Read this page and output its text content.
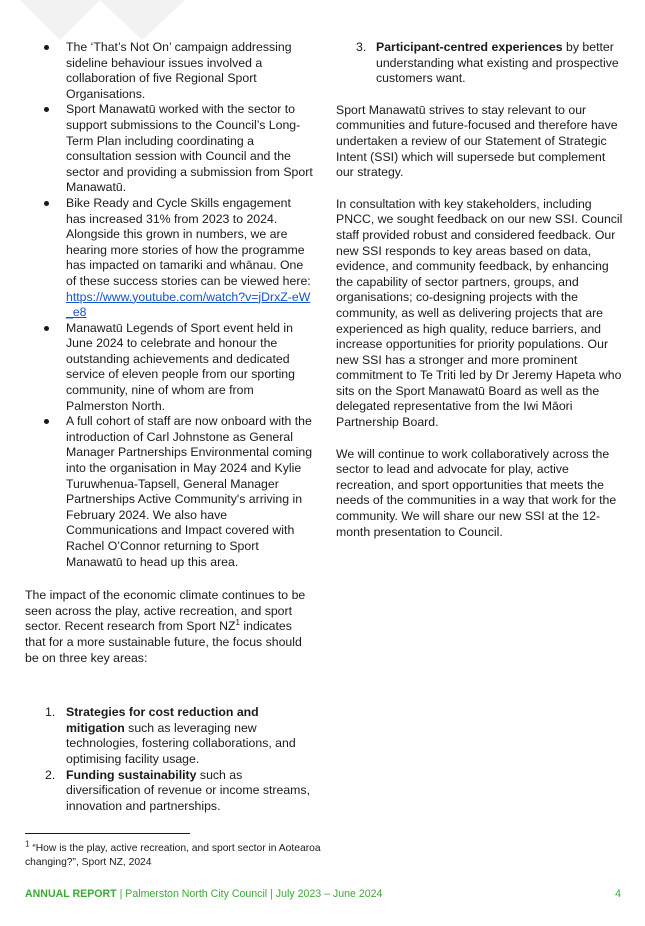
The ‘That’s Not On’ campaign addressing sideline behaviour issues involved a collaboration of five Regional Sport Organisations.
Sport Manawatū worked with the sector to support submissions to the Council’s Long-Term Plan including coordinating a consultation session with Council and the sector and providing a submission from Sport Manawatū.
Bike Ready and Cycle Skills engagement has increased 31% from 2023 to 2024. Alongside this grown in numbers, we are hearing more stories of how the programme has impacted on tamariki and whānau. One of these success stories can be viewed here: https://www.youtube.com/watch?v=jDrxZ-eW_e8
Manawatū Legends of Sport event held in June 2024 to celebrate and honour the outstanding achievements and dedicated service of eleven people from our sporting community, nine of whom are from Palmerston North.
A full cohort of staff are now onboard with the introduction of Carl Johnstone as General Manager Partnerships Environmental coming into the organisation in May 2024 and Kylie Turuwhenua-Tapsell, General Manager Partnerships Active Community's arriving in February 2024. We also have Communications and Impact covered with Rachel O’Connor returning to Sport Manawatū to head up this area.

The impact of the economic climate continues to be seen across the play, active recreation, and sport sector. Recent research from Sport $NZ^1$ indicates that for a more sustainable future, the focus should be on three key areas:

1. Strategies for cost reduction and mitigation such as leveraging new technologies, fostering collaborations, and optimising facility usage.
2. Funding sustainability such as diversification of revenue or income streams, innovation and partnerships.
3. Participant-centred experiences by better understanding what existing and prospective customers want.

Sport Manawatū strives to stay relevant to our communities and future-focused and therefore have undertaken a review of our Statement of Strategic Intent (SSI) which will supersede but complement our strategy.

In consultation with key stakeholders, including PNCC, we sought feedback on our new SSI. Council staff provided robust and considered feedback. Our new SSI responds to key areas based on data, evidence, and community feedback, by enhancing the capability of sector partners, groups, and organisations; co-designing projects with the community, as well as delivering projects that are experienced as high quality, reduce barriers, and increase opportunities for priority populations. Our new SSI has a stronger and more prominent commitment to Te Triti led by Dr Jeremy Hapeta who sits on the Sport Manawatū Board as well as the delegated representative from the Iwi Māori Partnership Board.

We will continue to work collaboratively across the sector to lead and advocate for play, active recreation, and sport opportunities that meets the needs of the communities in a way that work for the community. We will share our new SSI at the 12-month presentation to Council.

$^1$ “How is the play, active recreation, and sport sector in Aotearoa changing?”, Sport NZ, 2024
ANNUAL REPORT | Palmerston North City Council | July 2023 – June 2024	4
